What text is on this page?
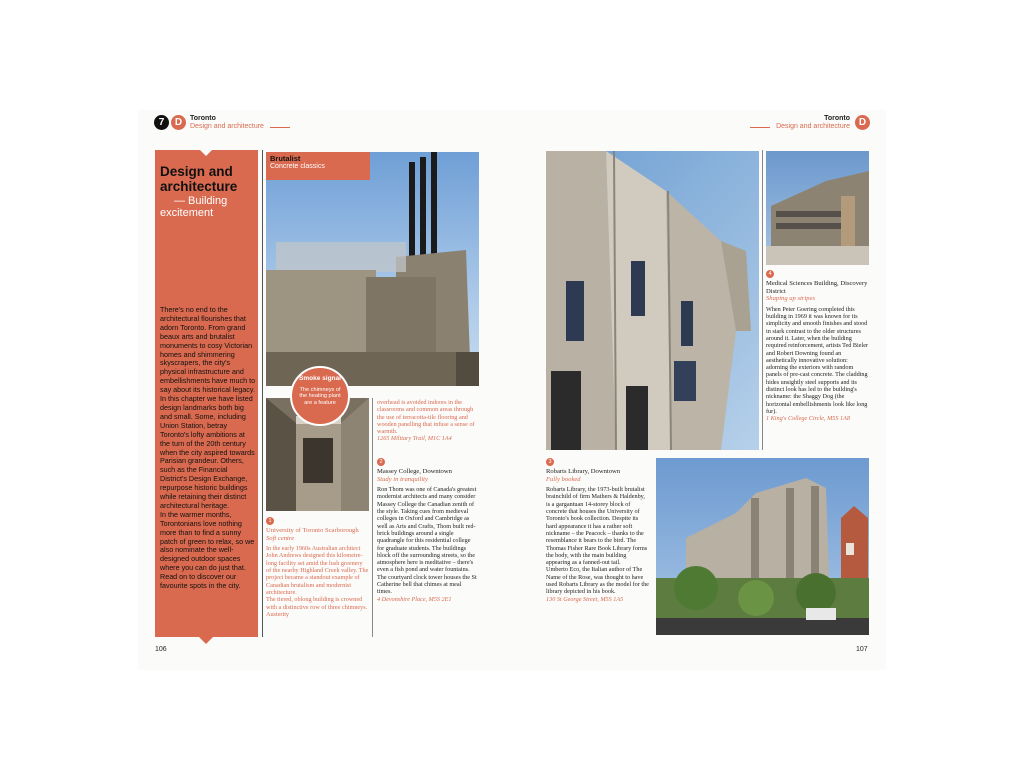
7	D	Toronto
Design and architecture
Toronto
Design and architecture D
Design and
architecture
— Building
excitement
There's no end to the architectural flourishes that adorn Toronto. From grand beaux arts and brutalist monuments to cosy Victorian homes and shimmering skyscrapers, the city's physical infrastructure and embellishments have much to say about its historical legacy.
In this chapter we have listed design landmarks both big and small. Some, including Union Station, betray Toronto's lofty ambitions at the turn of the 20th century when the city aspired towards Parisian grandeur. Others, such as the Financial District's Design Exchange, repurpose historic buildings while retaining their distinct architectural heritage.
In the warmer months, Torontonians love nothing more than to find a sunny patch of green to relax, so we also nominate the well-designed outdoor spaces where you can do just that. Read on to discover our favourite spots in the city.
Brutalist
Concrete classics
Smoke signal
The chimneys of the heating plant are a feature
1
University of Toronto Scarborough
Soft centre
In the early 1960s Australian architect John Andrews designed this kilometre-long facility set amid the lush greenery of the nearby Highland Creek valley. The project became a standout example of Canadian brutalism and modernist architecture.
The tiered, oblong building is crowned with a distinctive row of three chimneys. Austerity
overhead is avoided indoors in the classrooms and common areas through the use of terracotta-tile flooring and wooden panelling that infuse a sense of warmth.
1265 Military Trail, M1C 1A4
2
Massey College, Downtown
Study in tranquility
Ron Thom was one of Canada's greatest modernist architects and many consider Massey College the Canadian zenith of the style. Taking cues from medieval colleges in Oxford and Cambridge as well as Arts and Crafts, Thom built red-brick buildings around a single quadrangle for this residential college for graduate students. The buildings block off the surrounding streets, so the atmosphere here is meditative – there's even a fish pond and water fountains. The courtyard clock tower houses the St Catherine bell that chimes at meal times.
4 Devonshire Place, M5S 2E1
4
Medical Sciences Building, Discovery District
Shaping up stripes
When Peter Goering completed this building in 1969 it was known for its simplicity and smooth finishes and stood in stark contrast to the older structures around it. Later, when the building required reinforcement, artists Ted Bieler and Robert Downing found an aesthetically innovative solution: adorning the exteriors with random panels of pre-cast concrete. The cladding hides unsightly steel supports and its distinct look has led to the building's nickname: the Shaggy Dog (the horizontal embellishments look like long fur).
1 King's College Circle, M5S 1A8
3
Robarts Library, Downtown
Fully booked
Robarts Library, the 1973-built brutalist brainchild of firm Mathers & Haldenby, is a gargantuan 14-storey block of concrete that houses the University of Toronto's book collection. Despite its hard appearance it has a rather soft nickname – the Peacock – thanks to the resemblance it bears to the bird. The Thomas Fisher Rare Book Library forms the body, with the main building appearing as a fanned-out tail.
Umberto Eco, the Italian author of The Name of the Rose, was thought to have used Robarts Library as the model for the library depicted in his book.
130 St George Street, M5S 1A5
106	107
